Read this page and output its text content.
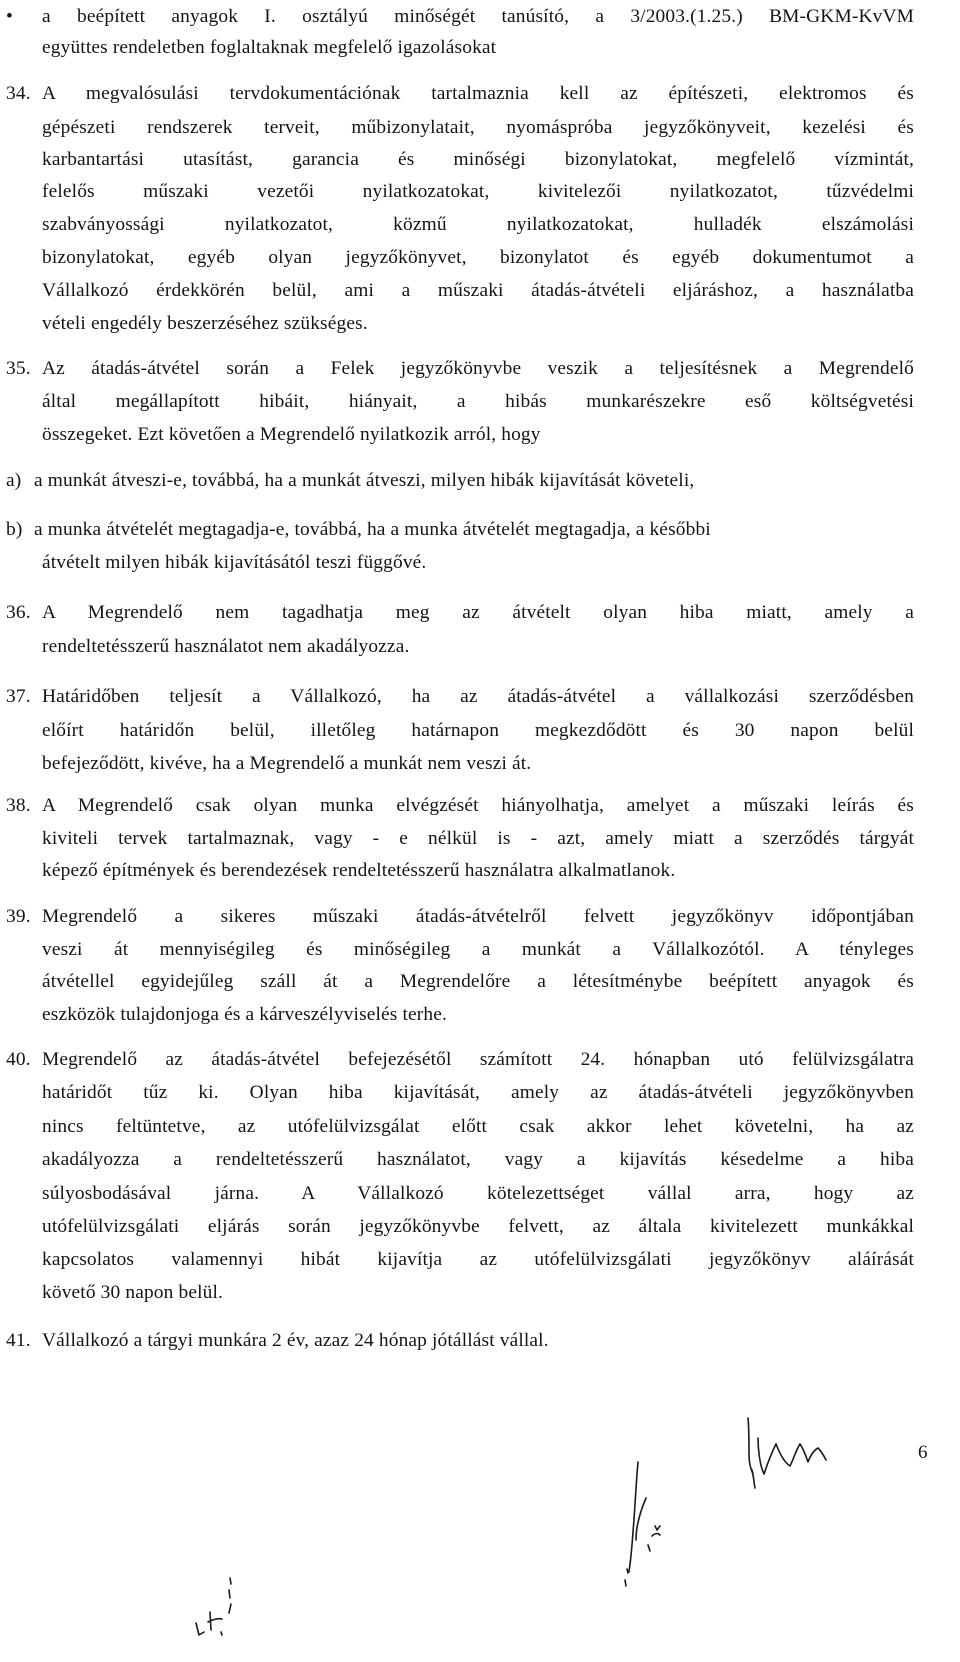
• a beépített anyagok I. osztályú minőségét tanúsító, a 3/2003.(1.25.) BM-GKM-KvVM
együttes rendeletben foglaltaknak megfelelő igazolásokat
34. A megvalósulási tervdokumentációnak tartalmaznia kell az építészeti, elektromos és
gépészeti rendszerek terveit, műbizonylatait, nyomáspróba jegyzőkönyveit, kezelési és
karbantartási utasítást, garancia és minőségi bizonylatokat, megfelelő vízmintát,
felelős műszaki vezetői nyilatkozatokat, kivitelezői nyilatkozatot, tűzvédelmi
szabványossági nyilatkozatot, közmű nyilatkozatokat, hulladék elszámolási
bizonylatokat, egyéb olyan jegyzőkönyvet, bizonylatot és egyéb dokumentumot a
Vállalkozó érdekkörén belül, ami a műszaki átadás-átvételi eljáráshoz, a használatba
vételi engedély beszerzéséhez szükséges.
35. Az átadás-átvétel során a Felek jegyzőkönyvbe veszik a teljesítésnek a Megrendelő
által megállapított hibáit, hiányait, a hibás munkarészekre eső költségvetési
összegeket. Ezt követően a Megrendelő nyilatkozik arról, hogy
a) a munkát átveszi-e, továbbá, ha a munkát átveszi, milyen hibák kijavítását követeli,
b) a munka átvételét megtagadja-e, továbbá, ha a munka átvételét megtagadja, a későbbi
átvételt milyen hibák kijavításától teszi függővé.
36. A Megrendelő nem tagadhatja meg az átvételt olyan hiba miatt, amely a
rendeltetésszerű használatot nem akadályozza.
37. Határidőben teljesít a Vállalkozó, ha az átadás-átvétel a vállalkozási szerződésben
előírt határidőn belül, illetőleg határnapon megkezdődött és 30 napon belül
befejeződött, kivéve, ha a Megrendelő a munkát nem veszi át.
38. A Megrendelő csak olyan munka elvégzését hiányolhatja, amelyet a műszaki leírás és
kiviteli tervek tartalmaznak, vagy - e nélkül is - azt, amely miatt a szerződés tárgyát
képező építmények és berendezések rendeltetésszerű használatra alkalmatlanok.
39. Megrendelő a sikeres műszaki átadás-átvételről felvett jegyzőkönyv időpontjában
veszi át mennyiségileg és minőségileg a munkát a Vállalkozótól. A tényleges
átvétellel egyidejűleg száll át a Megrendelőre a létesítménybe beépített anyagok és
eszközök tulajdonjoga és a kárveszélyviselés terhe.
40. Megrendelő az átadás-átvétel befejezésétől számított 24. hónapban utó felülvizsgálatra
határidőt tűz ki. Olyan hiba kijavítását, amely az átadás-átvételi jegyzőkönyvben
nincs feltüntetve, az utófelülvizsgálat előtt csak akkor lehet követelni, ha az
akadályozza a rendeltetésszerű használatot, vagy a kijavítás késedelme a hiba
súlyosbodásával járna. A Vállalkozó kötelezettséget vállal arra, hogy az
utófelülvizsgálati eljárás során jegyzőkönyvbe felvett, az általa kivitelezett munkákkal
kapcsolatos valamennyi hibát kijavítja az utófelülvizsgálati jegyzőkönyv aláírását
követő 30 napon belül.
41. Vállalkozó a tárgyi munkára 2 év, azaz 24 hónap jótállást vállal.
6
